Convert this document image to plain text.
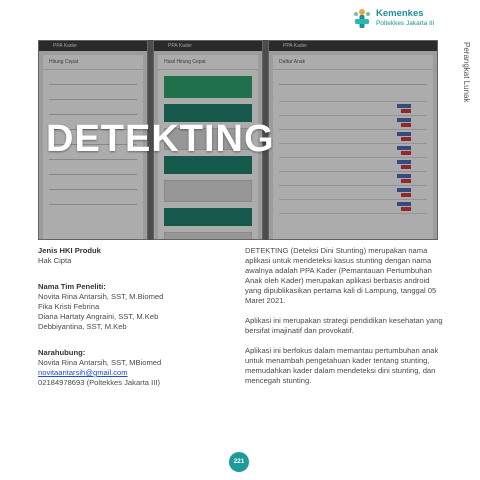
Kemenkes
Poltekkes Jakarta III
Perangkat Lunak
PPA Kader
Hitung Cepat
PPA Kader
Hasil Hitung Cepat
PPA Kader
Daftar Anak
DETEKTING
Jenis HKI Produk
Hak Cipta
Nama Tim Peneliti:
Novita Rina Antarsih, SST, M.Biomed
Fika Kristi Febrina
Diana Hartaty Angraini, SST, M.Keb
Debbiyantina, SST, M.Keb
Narahubung:
Novita Rina Antarsih, SST, MBiomed
novitaantarsih@gmail.com
02184978693 (Poltekkes Jakarta III)

DETEKTING (Deteksi Dini Stunting) merupakan nama aplikasi untuk mendeteksi kasus stunting dengan nama awalnya adalah PPA Kader (Pemantauan Pertumbuhan Anak oleh Kader) merupakan aplikasi berbasis android yang dipublikasikan pertama kali di Lampung, tanggal 05 Maret 2021.

Aplikasi ini merupakan strategi pendidikan kesehatan yang bersifat imajinatif dan provokatif.

Aplikasi ini berfokus dalam memantau pertumbuhan anak untuk menambah pengetahuan kader tentang stunting, memudahkan kader dalam mendeteksi dini stunting, dan mencegah stunting.

221
